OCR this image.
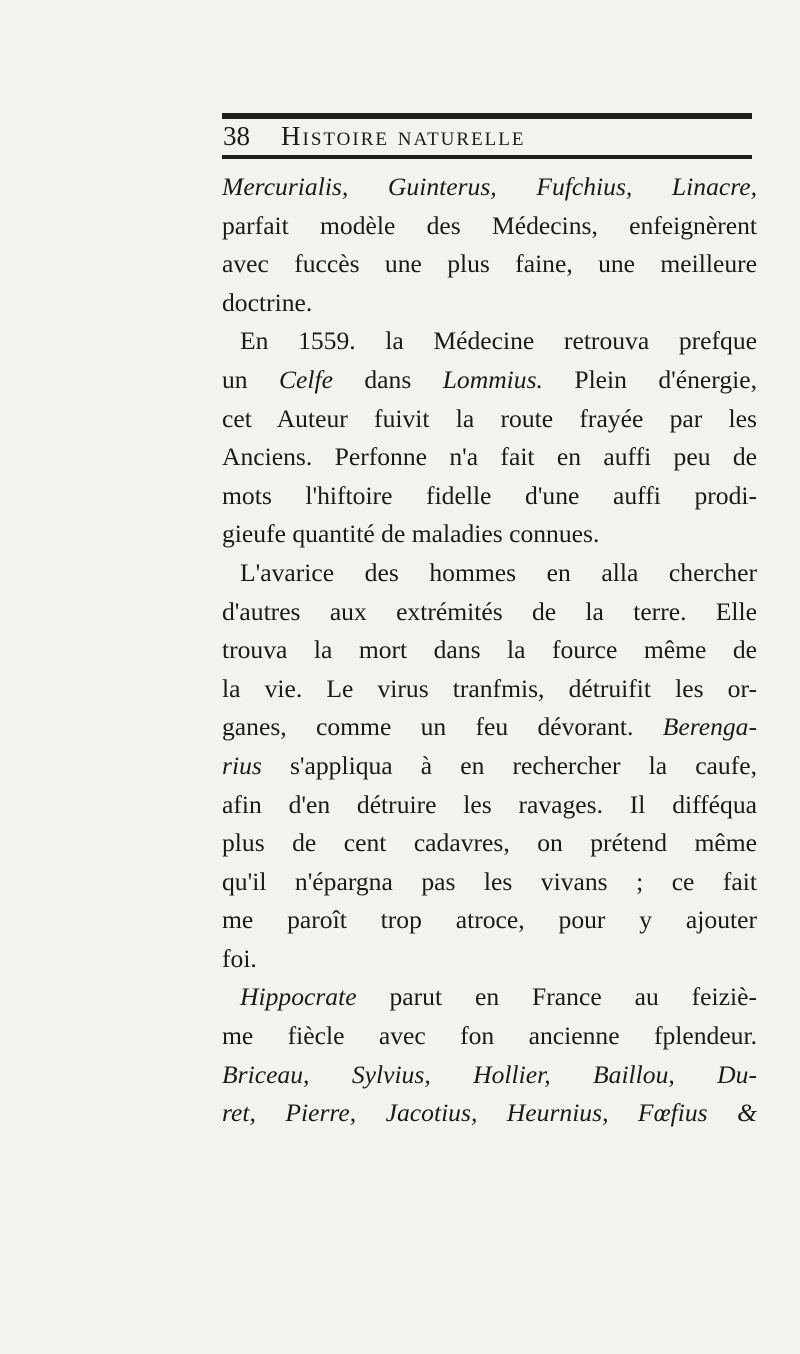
38 Histoire naturelle
Mercurialis, Guinterus, Fufchius, Linacre,
parfait modèle des Médecins, enfeignèrent
avec fuccès une plus faine, une meilleure
doctrine.
En 1559. la Médecine retrouva prefque
un Celfe dans Lommius. Plein d'énergie,
cet Auteur fuivit la route frayée par les
Anciens. Perfonne n'a fait en auffi peu de
mots l'hiftoire fidelle d'une auffi prodi-
gieufe quantité de maladies connues.
L'avarice des hommes en alla chercher
d'autres aux extrémités de la terre. Elle
trouva la mort dans la fource même de
la vie. Le virus tranfmis, détruifit les or-
ganes, comme un feu dévorant. Berenga-
rius s'appliqua à en rechercher la caufe,
afin d'en détruire les ravages. Il difféqua
plus de cent cadavres, on prétend même
qu'il n'épargna pas les vivans ; ce fait
me paroît trop atroce, pour y ajouter
foi.
Hippocrate parut en France au feiziè-
me fiècle avec fon ancienne fplendeur.
Briceau, Sylvius, Hollier, Baillou, Du-
ret, Pierre, Jacotius, Heurnius, Fœfius &
